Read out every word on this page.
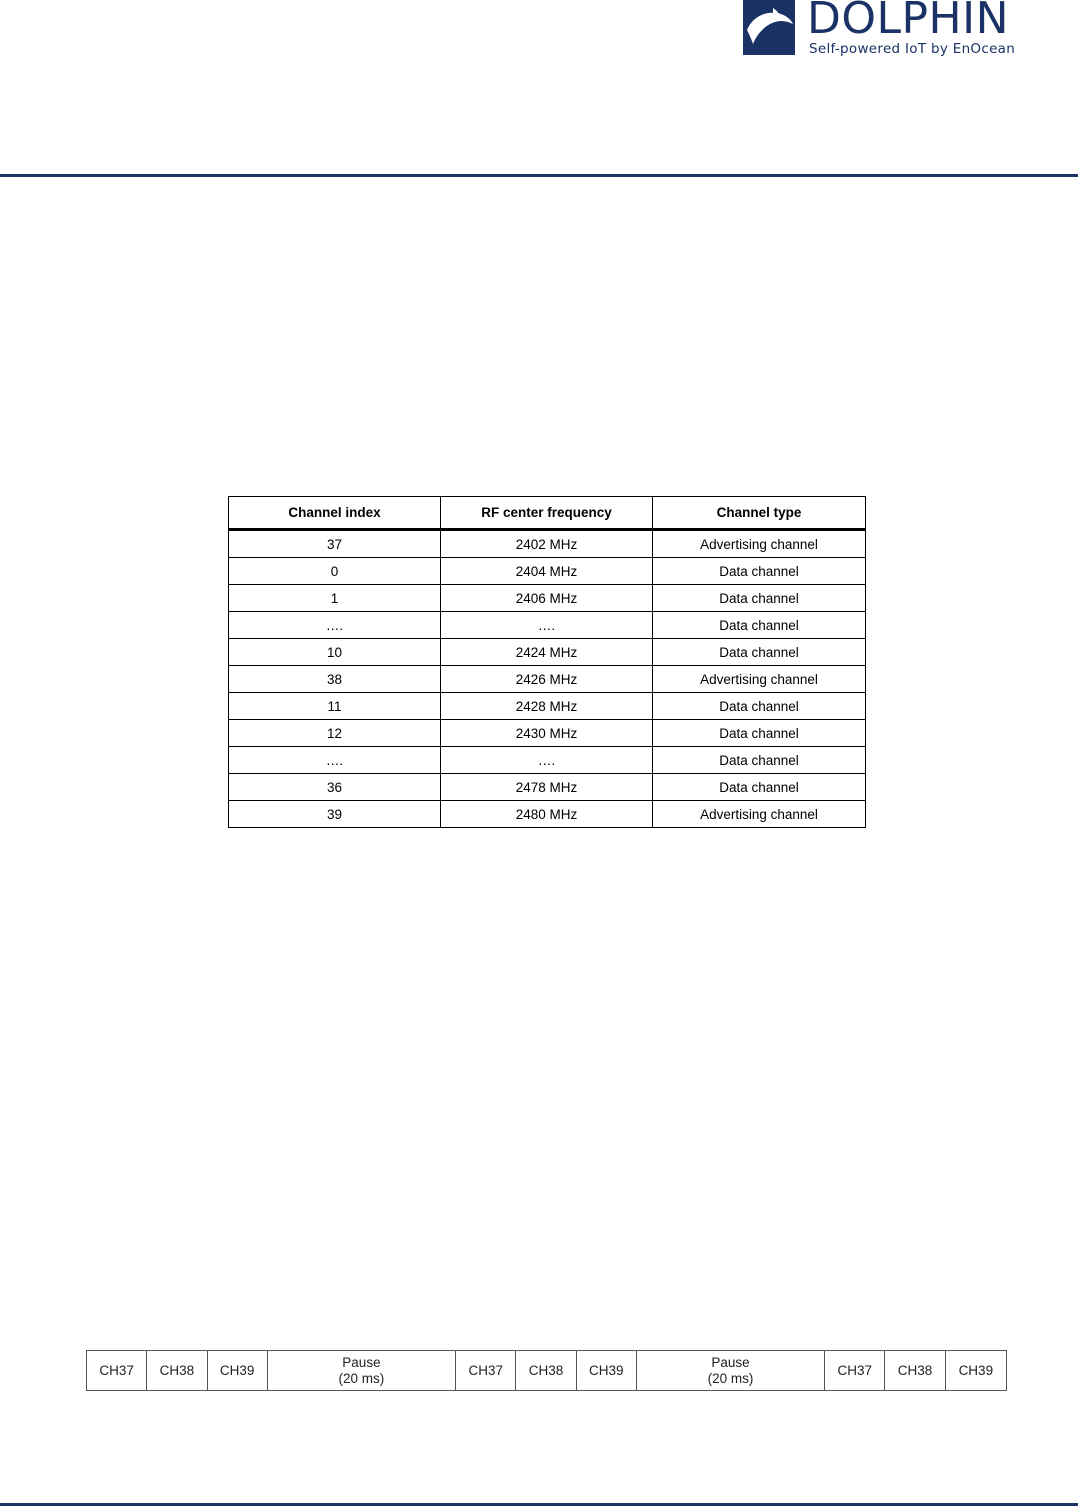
DOLPHIN
Self-powered IoT by EnOcean
Channel index	RF center frequency	Channel type
37	2402 MHz	Advertising channel
0	2404 MHz	Data channel
1	2406 MHz	Data channel
….	….	Data channel
10	2424 MHz	Data channel
38	2426 MHz	Advertising channel
11	2428 MHz	Data channel
12	2430 MHz	Data channel
….	….	Data channel
36	2478 MHz	Data channel
39	2480 MHz	Advertising channel
CH37	CH38	CH39
Pause
(20 ms)
CH37	CH38	CH39
Pause
(20 ms)
CH37	CH38	CH39
